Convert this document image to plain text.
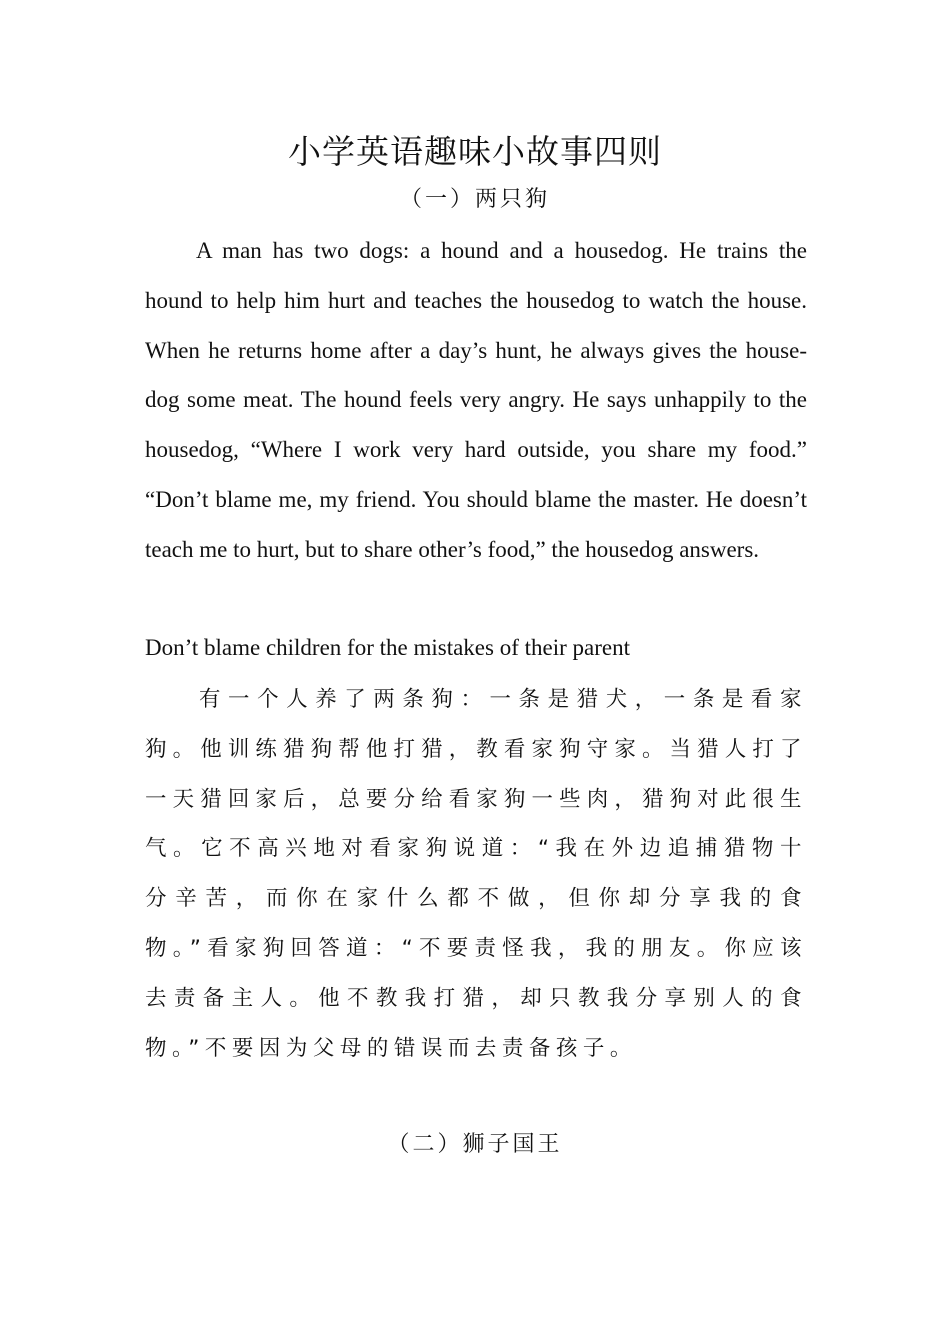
小学英语趣味小故事四则
（一）两只狗
A man has two dogs: a hound and a housedog. He trains the hound to help him hurt and teaches the housedog to watch the house. When he returns home after a day’s hunt, he always gives the house-dog some meat. The hound feels very angry. He says unhappily to the housedog, “Where I work very hard outside, you share my food.” “Don’t blame me, my friend. You should blame the master. He doesn’t teach me to hurt, but to share other’s food,” the housedog answers.
Don’t blame children for the mistakes of their parent
有一个人养了两条狗：一条是猎犬，一条是看家狗。他训练猎狗帮他打猎，教看家狗守家。当猎人打了一天猎回家后，总要分给看家狗一些肉，猎狗对此很生气。它不高兴地对看家狗说道：“我在外边追捕猎物十分辛苦，而你在家什么都不做，但你却分享我的食物。”看家狗回答道：“不要责怪我，我的朋友。你应该去责备主人。他不教我打猎，却只教我分享别人的食物。”不要因为父母的错误而去责备孩子。
（二）狮子国王
